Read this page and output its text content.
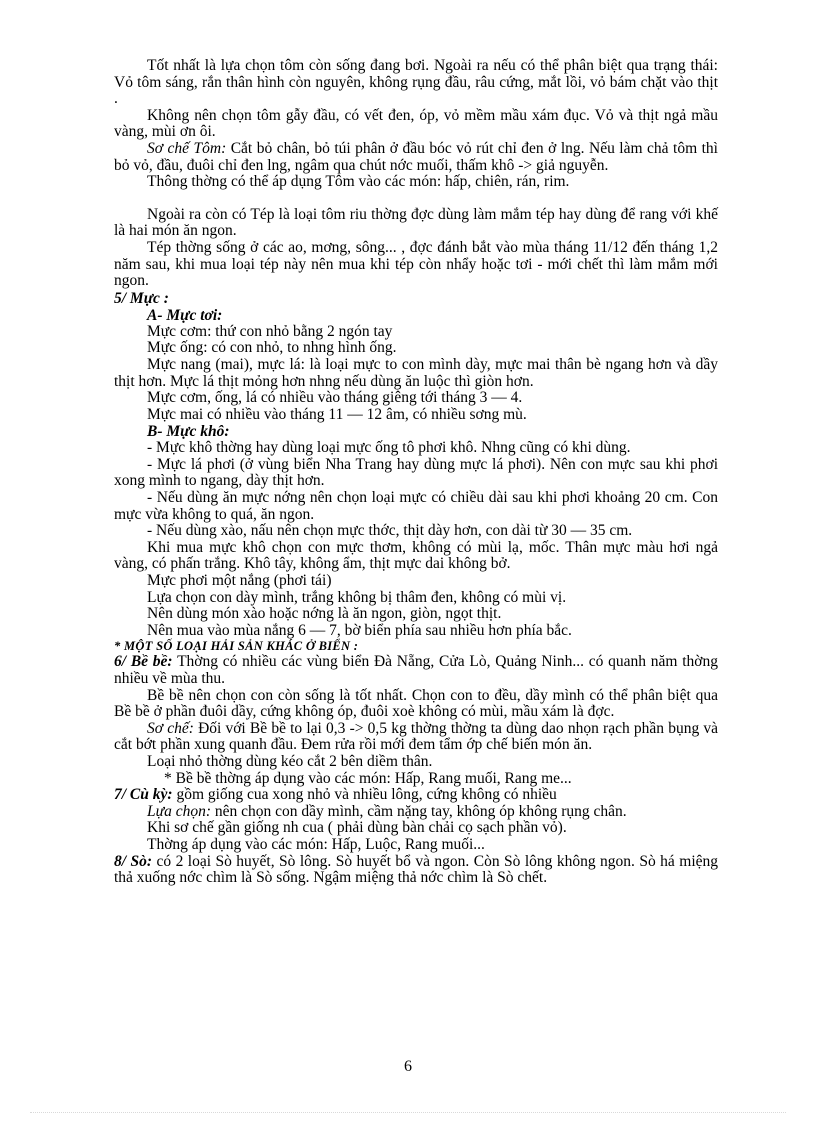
Tốt nhất là lựa chọn tôm còn sống đang bơi. Ngoài ra nếu có thể phân biệt qua trạng thái: Vỏ tôm sáng, rắn thân hình còn nguyên, không rụng đầu, râu cứng, mắt lồi, vỏ bám chặt vào thịt .

Không nên chọn tôm gẫy đầu, có vết đen, óp, vỏ mềm mầu xám đục. Vỏ và thịt ngả mầu vàng, mùi ơn ôi.

Sơ chế Tôm: Cắt bỏ chân, bỏ túi phân ở đầu bóc vỏ rút chỉ đen ở lng. Nếu làm chả tôm thì bỏ vỏ, đầu, đuôi chỉ đen lng, ngâm qua chút nớc muối, thấm khô -> giả nguyễn.

Thông thờng có thể áp dụng Tôm vào các món: hấp, chiên, rán, rim.

Ngoài ra còn có Tép là loại tôm riu thờng đợc dùng làm mắm tép hay dùng để rang với khế là hai món ăn ngon.

Tép thờng sống ở các ao, mơng, sông... , đợc đánh bắt vào mùa tháng 11/12 đến tháng 1,2 năm sau, khi mua loại tép này nên mua khi tép còn nhẩy hoặc tơi - mới chết thì làm mắm mới ngon.

5/ Mực :

A- Mực tơi:

Mực cơm: thứ con nhỏ bằng 2 ngón tay

Mực ống: có con nhỏ, to nhng hình ống.

Mực nang (mai), mực lá: là loại mực to con mình dày, mực mai thân bè ngang hơn và dầy thịt hơn. Mực lá thịt mỏng hơn nhng nếu dùng ăn luộc thì giòn hơn.

Mực cơm, ống, lá có nhiều vào tháng giêng tới tháng 3 — 4.

Mực mai có nhiều vào tháng 11 — 12 âm, có nhiều sơng mù.

B- Mực khô:

- Mực khô thờng hay dùng loại mực ống tô phơi khô. Nhng cũng có khi dùng.

- Mực lá phơi (ở vùng biển Nha Trang hay dùng mực lá phơi). Nên con mực sau khi phơi xong mình to ngang, dày thịt hơn.

- Nếu dùng ăn mực nớng nên chọn loại mực có chiều dài sau khi phơi khoảng 20 cm. Con mực vừa không to quá, ăn ngon.

- Nếu dùng xào, nấu nên chọn mực thớc, thịt dày hơn, con dài từ 30 — 35 cm.

Khi mua mực khô chọn con mực thơm, không có mùi lạ, mốc. Thân mực màu hơi ngả vàng, có phấn trắng. Khô tây, không ẩm, thịt mực dai không bở.

Mực phơi một nắng (phơi tái)

Lựa chọn con dày mình, trắng không bị thâm đen, không có mùi vị.

Nên dùng món xào hoặc nớng là ăn ngon, giòn, ngọt thịt.

Nên mua vào mùa nắng 6 — 7, bờ biển phía sau nhiều hơn phía bắc.

* MỘT SỐ LOẠI HẢI SẢN KHÁC Ở BIỂN :

6/ Bề bề: Thờng có nhiều các vùng biển Đà Nẵng, Cửa Lò, Quảng Ninh... có quanh năm thờng nhiều về mùa thu.

Bề bề nên chọn con còn sống là tốt nhất. Chọn con to đều, dầy mình có thể phân biệt qua Bề bề ở phần đuôi dầy, cứng không óp, đuôi xoè không có mùi, mầu xám là đợc.

Sơ chế: Đối với Bề bề to lại 0,3 -> 0,5 kg thờng thờng ta dùng dao nhọn rạch phần bụng và cắt bớt phần xung quanh đầu. Đem rửa rồi mới đem tẩm ớp chế biến món ăn.

Loại nhỏ thờng dùng kéo cắt 2 bên diềm thân.

* Bề bề thờng áp dụng vào các món: Hấp, Rang muối, Rang me...

7/ Cù kỳ: gồm giống cua xong nhỏ và nhiều lông, cứng không có nhiều

Lựa chọn: nên chọn con dầy mình, cầm nặng tay, không óp không rụng chân.

Khi sơ chế gần giống nh cua ( phải dùng bàn chải cọ sạch phần vỏ).

Thờng áp dụng vào các món: Hấp, Luộc, Rang muối...

8/ Sò: có 2 loại Sò huyết, Sò lông. Sò huyết bổ và ngon. Còn Sò lông không ngon. Sò há miệng thả xuống nớc chìm là Sò sống. Ngậm miệng thả nớc chìm là Sò chết.

6
